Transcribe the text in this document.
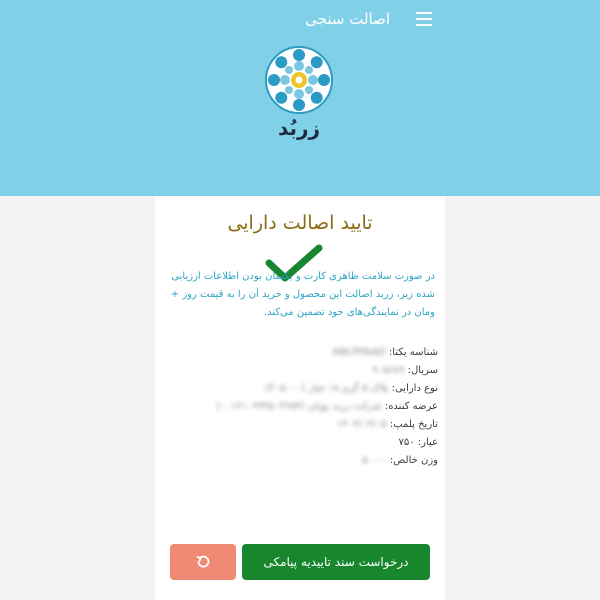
اصالت سنجی
زربُد
تایید اصالت دارایی
در صورت سلامت ظاهری کارت و یکسان بودن اطلاعات ارزیابی شده زیر، زربد اصالت این محصول و خرید آن را به قیمت روز + ومان در نمایندگی‌های خود تضمین می‌کند.
شناسه یکتا: ABCPPAAD
سریال: ۹۰۵۶۸۹
نوع دارایی: پلاک ۵ گرم ۱۸ عیار (۴۰۵۰۰۰)
عرضه کننده: شرکت زربد پویان (۰۰۱۲۱۰۹۹۴۵۰۴۶۵۳)
تاریخ پلمپ: ۱۴۰۳/۰۳/۰۵
عیار: ۷۵۰
وزن خالص: ۵.۰۰۰
درخواست سند تاییدیه پیامکی
